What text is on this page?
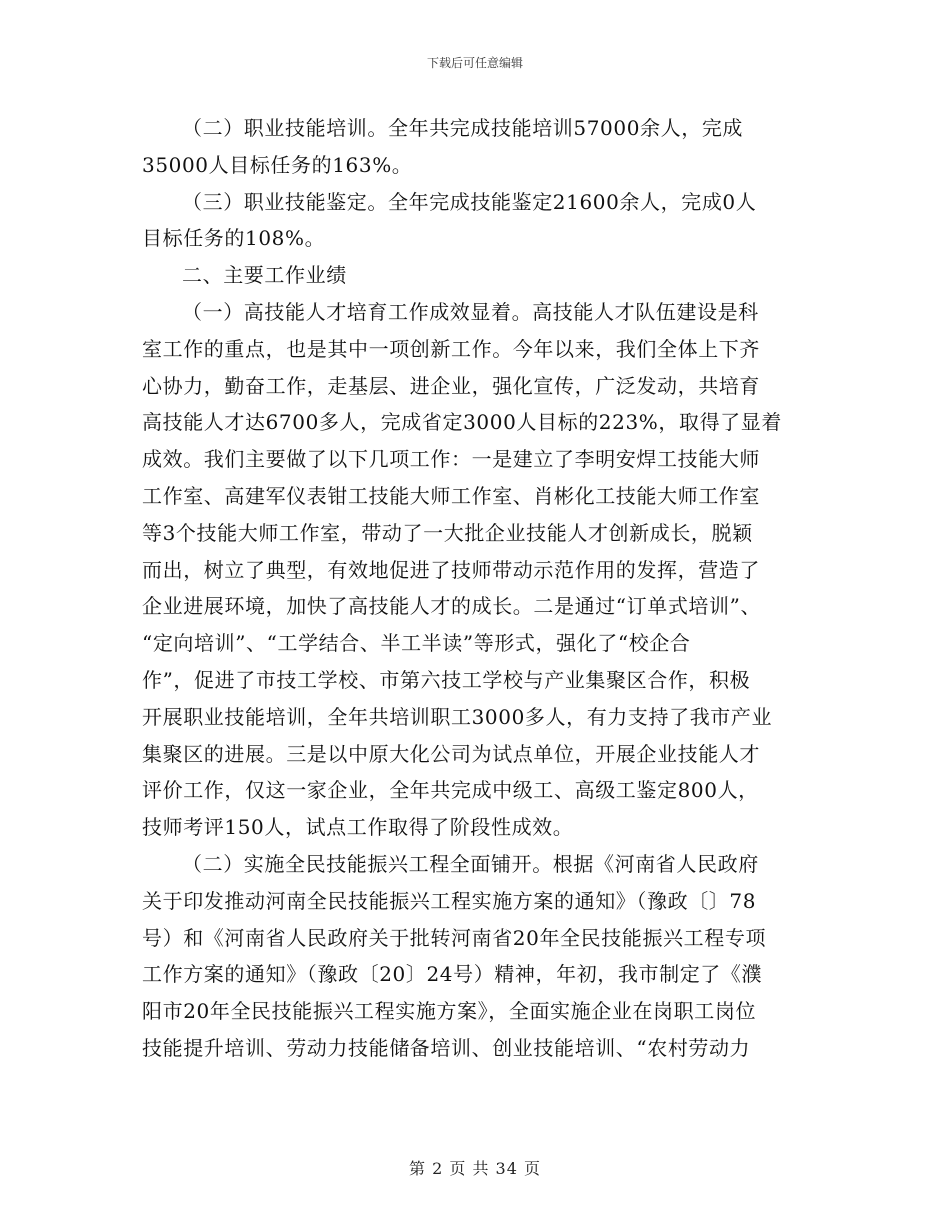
下载后可任意编辑
（二）职业技能培训。全年共完成技能培训57000余人，完成
35000人目标任务的163%。
（三）职业技能鉴定。全年完成技能鉴定21600余人，完成0人
目标任务的108%。
二、主要工作业绩
（一）高技能人才培育工作成效显着。高技能人才队伍建设是科
室工作的重点，也是其中一项创新工作。今年以来，我们全体上下齐
心协力，勤奋工作，走基层、进企业，强化宣传，广泛发动，共培育
高技能人才达6700多人，完成省定3000人目标的223%，取得了显着
成效。我们主要做了以下几项工作：一是建立了李明安焊工技能大师
工作室、高建军仪表钳工技能大师工作室、肖彬化工技能大师工作室
等3个技能大师工作室，带动了一大批企业技能人才创新成长，脱颖
而出，树立了典型，有效地促进了技师带动示范作用的发挥，营造了
企业进展环境，加快了高技能人才的成长。二是通过“订单式培训”、
“定向培训”、“工学结合、半工半读”等形式，强化了“校企合
作”，促进了市技工学校、市第六技工学校与产业集聚区合作，积极
开展职业技能培训，全年共培训职工3000多人，有力支持了我市产业
集聚区的进展。三是以中原大化公司为试点单位，开展企业技能人才
评价工作，仅这一家企业，全年共完成中级工、高级工鉴定800人，
技师考评150人，试点工作取得了阶段性成效。
（二）实施全民技能振兴工程全面铺开。根据《河南省人民政府
关于印发推动河南全民技能振兴工程实施方案的通知》（豫政〔〕78
号）和《河南省人民政府关于批转河南省20年全民技能振兴工程专项
工作方案的通知》（豫政〔20〕24号）精神，年初，我市制定了《濮
阳市20年全民技能振兴工程实施方案》，全面实施企业在岗职工岗位
技能提升培训、劳动力技能储备培训、创业技能培训、“农村劳动力
第 2 页 共 34 页
